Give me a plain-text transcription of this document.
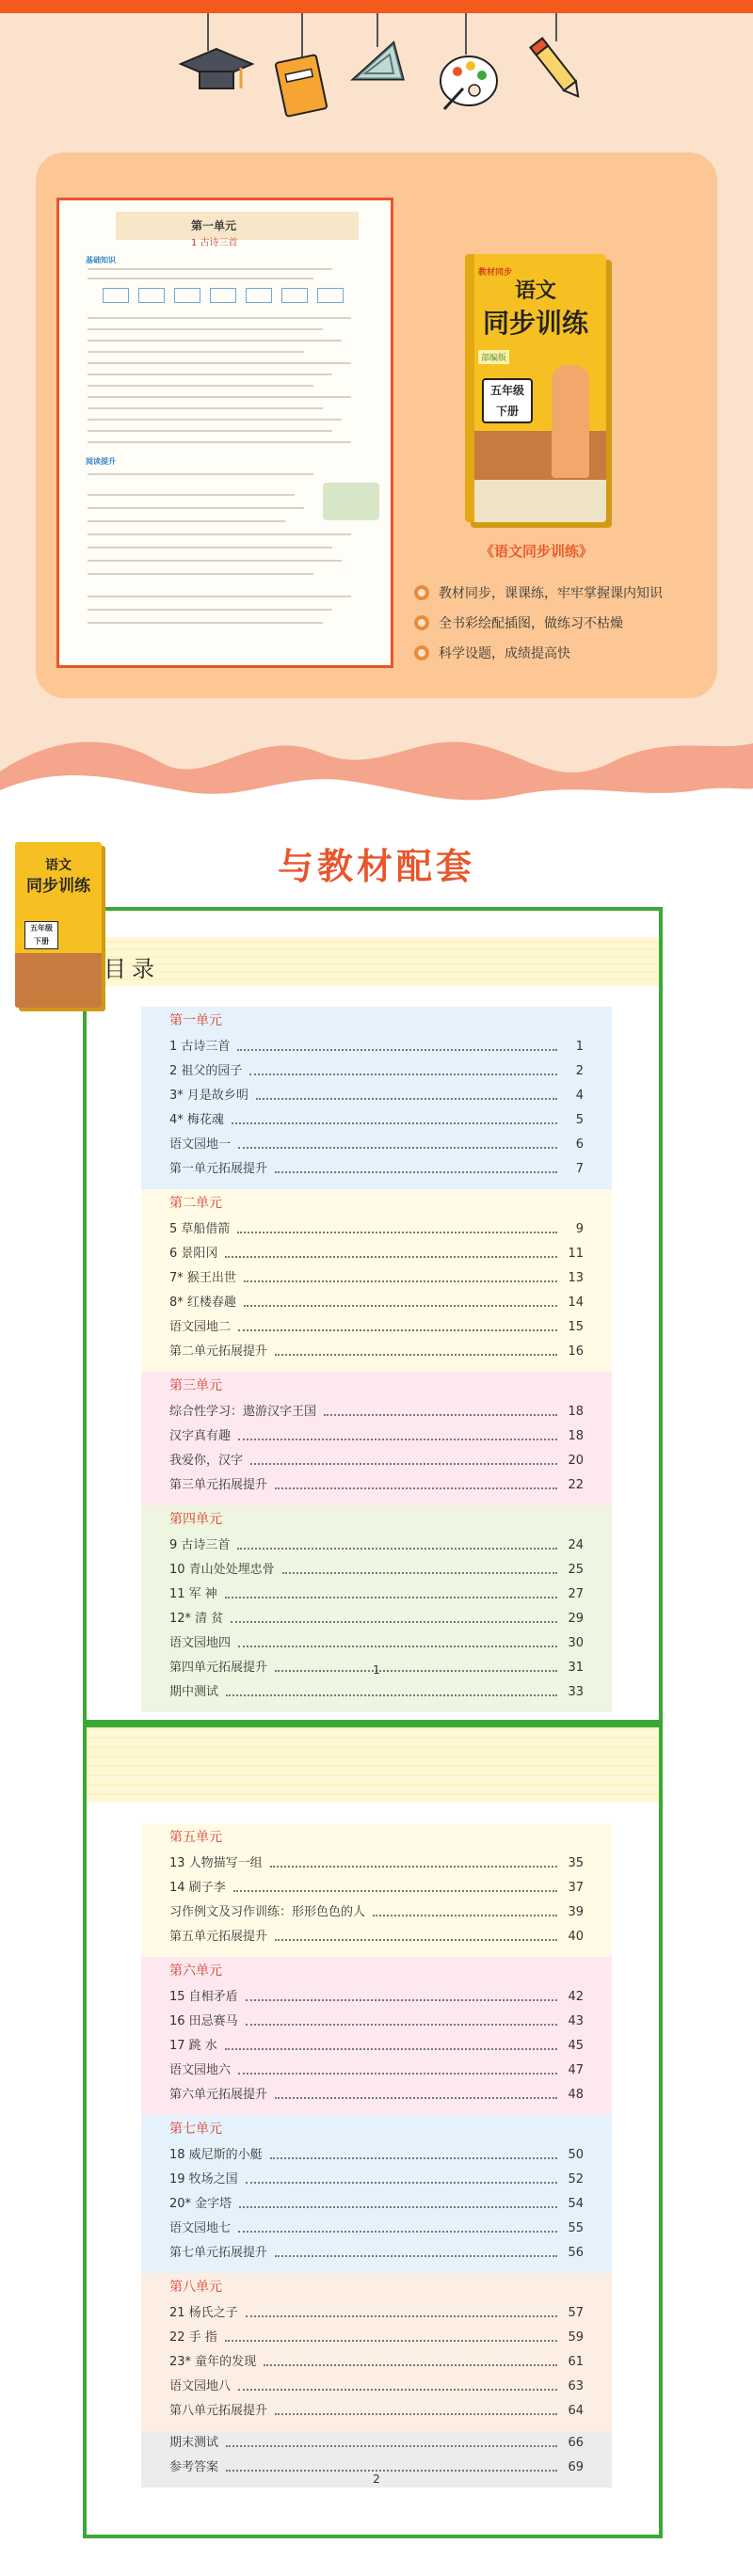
第一单元
1 古诗三首
基础知识
阅读提升
教材同步
语文
同步训练
部编版
五年级
下册
《语文同步训练》
教材同步，课课练，牢牢掌握课内知识
全书彩绘配插图，做练习不枯燥
科学设题，成绩提高快
与教材配套
目录
语文
同步训练
五年级
下册
第一单元
1 古诗三首	1
2 祖父的园子	2
3* 月是故乡明	4
4* 梅花魂	5
语文园地一	6
第一单元拓展提升	7
第二单元
5 草船借箭	9
6 景阳冈	11
7* 猴王出世	13
8* 红楼春趣	14
语文园地二	15
第二单元拓展提升	16
第三单元
综合性学习：遨游汉字王国	18
汉字真有趣	18
我爱你，汉字	20
第三单元拓展提升	22
第四单元
9 古诗三首	24
10 青山处处埋忠骨	25
11 军 神	27
12* 清 贫	29
语文园地四	30
第四单元拓展提升	31
期中测试	33
1
第五单元
13 人物描写一组	35
14 刷子李	37
习作例文及习作训练：形形色色的人	39
第五单元拓展提升	40
第六单元
15 自相矛盾	42
16 田忌赛马	43
17 跳 水	45
语文园地六	47
第六单元拓展提升	48
第七单元
18 威尼斯的小艇	50
19 牧场之国	52
20* 金字塔	54
语文园地七	55
第七单元拓展提升	56
第八单元
21 杨氏之子	57
22 手 指	59
23* 童年的发现	61
语文园地八	63
第八单元拓展提升	64
期末测试	66
参考答案	69
2
